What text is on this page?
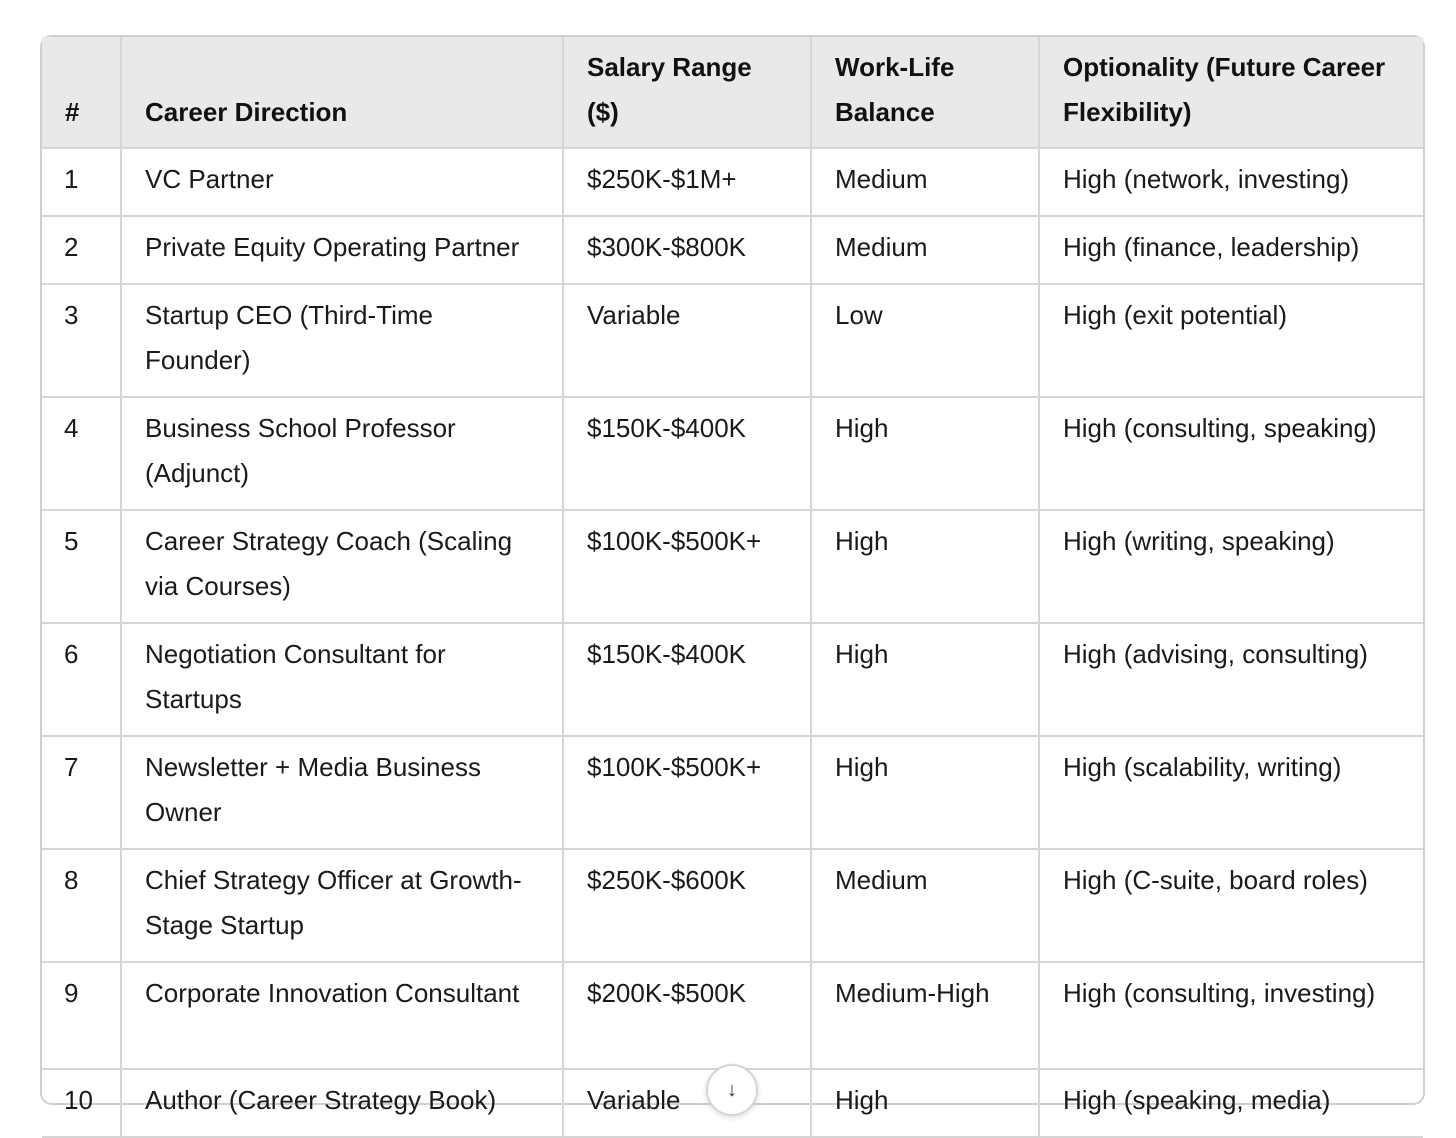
#	Career Direction	Salary Range ($)	Work-Life Balance	Optionality (Future Career Flexibility)
1	VC Partner	$250K-$1M+	Medium	High (network, investing)
2	Private Equity Operating Partner	$300K-$800K	Medium	High (finance, leadership)
3	Startup CEO (Third-Time Founder)	Variable	Low	High (exit potential)
4	Business School Professor (Adjunct)	$150K-$400K	High	High (consulting, speaking)
5	Career Strategy Coach (Scaling via Courses)	$100K-$500K+	High	High (writing, speaking)
6	Negotiation Consultant for Startups	$150K-$400K	High	High (advising, consulting)
7	Newsletter + Media Business Owner	$100K-$500K+	High	High (scalability, writing)
8	Chief Strategy Officer at Growth-Stage Startup	$250K-$600K	Medium	High (C-suite, board roles)
9	Corporate Innovation Consultant	$200K-$500K	Medium-High	High (consulting, investing)
10	Author (Career Strategy Book)	Variable	High	High (speaking, media)
↓
